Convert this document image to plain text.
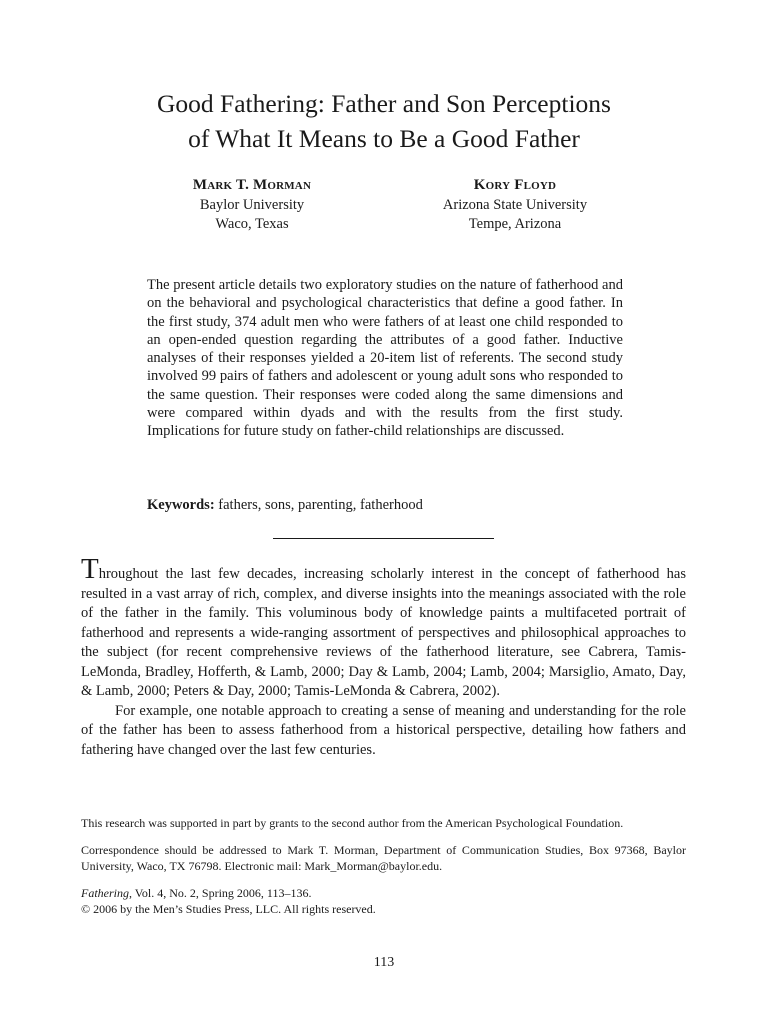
Good Fathering: Father and Son Perceptions
of What It Means to Be a Good Father
Mark T. Morman
Baylor University
Waco, Texas
Kory Floyd
Arizona State University
Tempe, Arizona
The present article details two exploratory studies on the nature of fatherhood and on the behavioral and psychological characteristics that define a good father. In the first study, 374 adult men who were fathers of at least one child responded to an open-ended question regarding the attributes of a good father. Inductive analyses of their responses yielded a 20-item list of referents. The second study involved 99 pairs of fathers and adolescent or young adult sons who responded to the same question. Their responses were coded along the same dimensions and were compared within dyads and with the results from the first study. Implications for future study on father-child relationships are discussed.
Keywords: fathers, sons, parenting, fatherhood

Throughout the last few decades, increasing scholarly interest in the concept of fatherhood has resulted in a vast array of rich, complex, and diverse insights into the meanings associated with the role of the father in the family. This voluminous body of knowledge paints a multifaceted portrait of fatherhood and represents a wide-ranging assortment of perspectives and philosophical approaches to the subject (for recent comprehensive reviews of the fatherhood literature, see Cabrera, Tamis-LeMonda, Bradley, Hofferth, & Lamb, 2000; Day & Lamb, 2004; Lamb, 2004; Marsiglio, Amato, Day, & Lamb, 2000; Peters & Day, 2000; Tamis-LeMonda & Cabrera, 2002).

For example, one notable approach to creating a sense of meaning and understanding for the role of the father has been to assess fatherhood from a historical perspective, detailing how fathers and fathering have changed over the last few centuries.

This research was supported in part by grants to the second author from the American Psychological Foundation.

Correspondence should be addressed to Mark T. Morman, Department of Communication Studies, Box 97368, Baylor University, Waco, TX 76798. Electronic mail: Mark_Morman@baylor.edu.

Fathering, Vol. 4, No. 2, Spring 2006, 113–136.

© 2006 by the Men’s Studies Press, LLC. All rights reserved.

113
